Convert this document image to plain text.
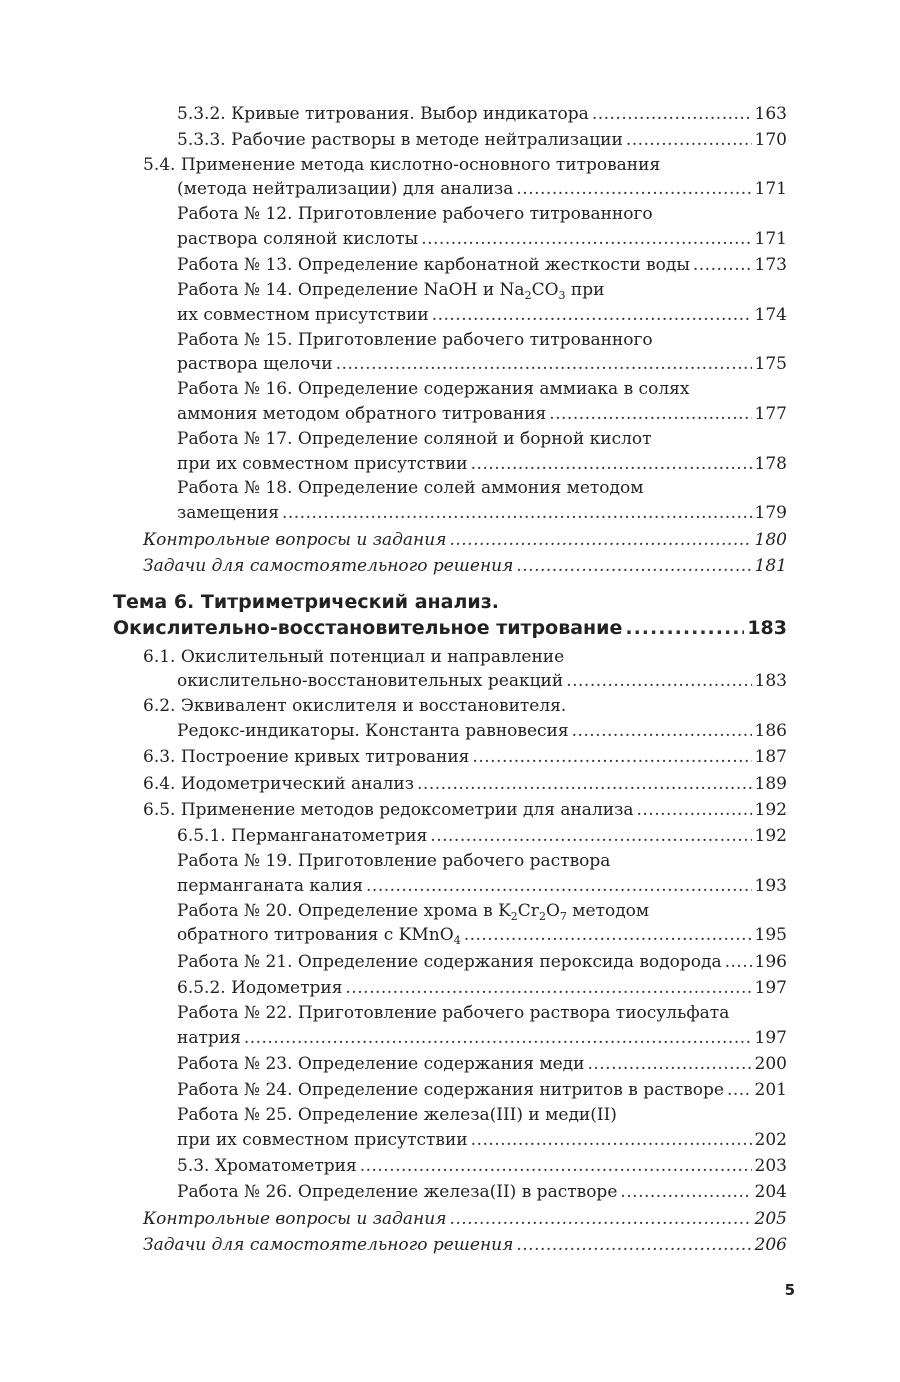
5.3.2. Кривые титрования. Выбор индикатора .....	163
5.3.3. Рабочие растворы в методе нейтрализации .....	170
5.4. Применение метода кислотно-основного титрования
(метода нейтрализации) для анализа .....	171
Работа № 12. Приготовление рабочего титрованного
раствора соляной кислоты .....	171
Работа № 13. Определение карбонатной жесткости воды .....	173
Работа № 14. Определение NaOH и $Na_2CO_3$ при
их совместном присутствии .....	174
Работа № 15. Приготовление рабочего титрованного
раствора щелочи .....	175
Работа № 16. Определение содержания аммиака в солях
аммония методом обратного титрования .....	177
Работа № 17. Определение соляной и борной кислот
при их совместном присутствии .....	178
Работа № 18. Определение солей аммония методом
замещения .....	179
Контрольные вопросы и задания .....	180
Задачи для самостоятельного решения .....	181
Тема 6. Титриметрический анализ.
Окислительно-восстановительное титрование .....	183
6.1. Окислительный потенциал и направление
окислительно-восстановительных реакций .....	183
6.2. Эквивалент окислителя и восстановителя.
Редокс-индикаторы. Константа равновесия .....	186
6.3. Построение кривых титрования .....	187
6.4. Иодометрический анализ .....	189
6.5. Применение методов редоксометрии для анализа .....	192
6.5.1. Перманганатометрия .....	192
Работа № 19. Приготовление рабочего раствора
перманганата калия .....	193
Работа № 20. Определение хрома в $K_2Cr_2O_7$ методом
обратного титрования с KMnO$_4$ .....	195
Работа № 21. Определение содержания пероксида водорода ..... 196
6.5.2. Иодометрия .....	197
Работа № 22. Приготовление рабочего раствора тиосульфата
натрия .....	197
Работа № 23. Определение содержания меди .....	200
Работа № 24. Определение содержания нитритов в растворе ..... 201
Работа № 25. Определение железа(III) и меди(II)
при их совместном присутствии .....	202
5.3. Хроматометрия .....	203
Работа № 26. Определение железа(II) в растворе .....	204
Контрольные вопросы и задания .....	205
Задачи для самостоятельного решения .....	206
5
